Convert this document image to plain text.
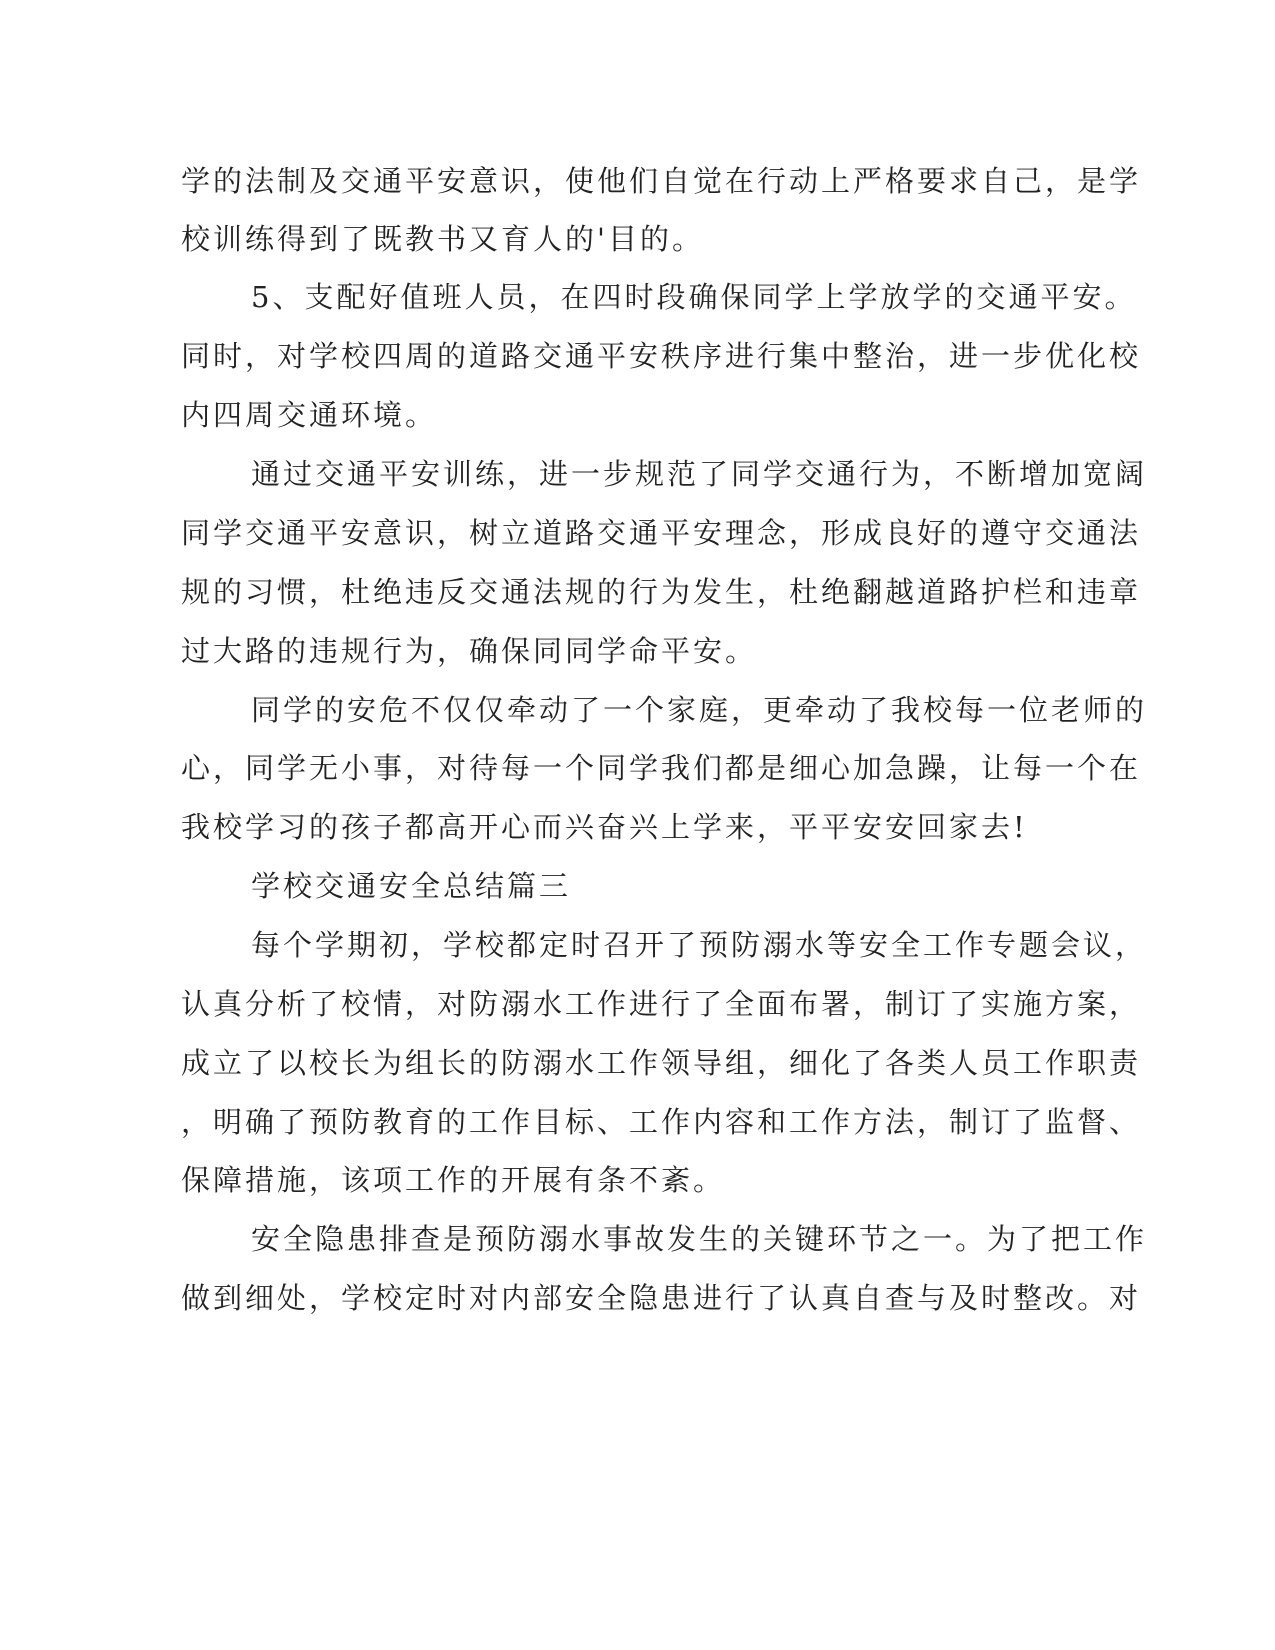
学的法制及交通平安意识，使他们自觉在行动上严格要求自己，是学
校训练得到了既教书又育人的'目的。
5、支配好值班人员，在四时段确保同学上学放学的交通平安。
同时，对学校四周的道路交通平安秩序进行集中整治，进一步优化校
内四周交通环境。
通过交通平安训练，进一步规范了同学交通行为，不断增加宽阔
同学交通平安意识，树立道路交通平安理念，形成良好的遵守交通法
规的习惯，杜绝违反交通法规的行为发生，杜绝翻越道路护栏和违章
过大路的违规行为，确保同同学命平安。
同学的安危不仅仅牵动了一个家庭，更牵动了我校每一位老师的
心，同学无小事，对待每一个同学我们都是细心加急躁，让每一个在
我校学习的孩子都高开心而兴奋兴上学来，平平安安回家去!
学校交通安全总结篇三
每个学期初，学校都定时召开了预防溺水等安全工作专题会议，
认真分析了校情，对防溺水工作进行了全面布署，制订了实施方案，
成立了以校长为组长的防溺水工作领导组，细化了各类人员工作职责
，明确了预防教育的工作目标、工作内容和工作方法，制订了监督、
保障措施，该项工作的开展有条不紊。
安全隐患排查是预防溺水事故发生的关键环节之一。为了把工作
做到细处，学校定时对内部安全隐患进行了认真自查与及时整改。对
